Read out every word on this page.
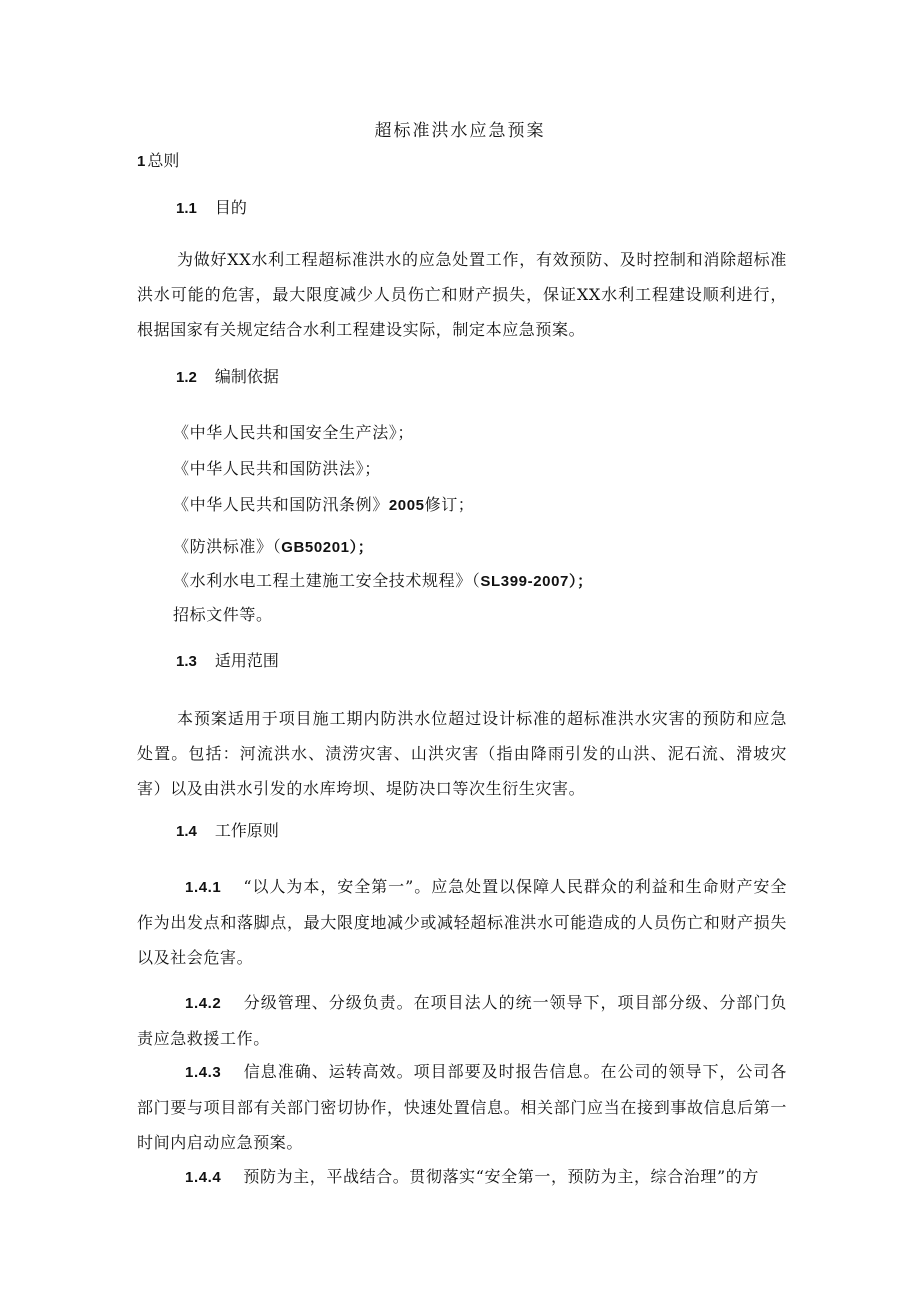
超标准洪水应急预案
1 总则
1.1 目的
为做好XX水利工程超标准洪水的应急处置工作，有效预防、及时控制和消除超标准洪水可能的危害，最大限度减少人员伤亡和财产损失，保证XX水利工程建设顺利进行，根据国家有关规定结合水利工程建设实际，制定本应急预案。
1.2 编制依据
《中华人民共和国安全生产法》；
《中华人民共和国防洪法》；
《中华人民共和国防汛条例》2005修订；
《防洪标准》（GB50201）；
《水利水电工程土建施工安全技术规程》（SL399-2007）；
招标文件等。
1.3 适用范围
本预案适用于项目施工期内防洪水位超过设计标准的超标准洪水灾害的预防和应急处置。包括：河流洪水、渍涝灾害、山洪灾害（指由降雨引发的山洪、泥石流、滑坡灾害）以及由洪水引发的水库垮坝、堤防决口等次生衍生灾害。
1.4 工作原则
1.4.1 “以人为本，安全第一”。应急处置以保障人民群众的利益和生命财产安全作为出发点和落脚点，最大限度地减少或减轻超标准洪水可能造成的人员伤亡和财产损失以及社会危害。
1.4.2 分级管理、分级负责。在项目法人的统一领导下，项目部分级、分部门负责应急救援工作。
1.4.3 信息准确、运转高效。项目部要及时报告信息。在公司的领导下，公司各部门要与项目部有关部门密切协作，快速处置信息。相关部门应当在接到事故信息后第一时间内启动应急预案。
1.4.4 预防为主，平战结合。贯彻落实“安全第一，预防为主，综合治理”的方
